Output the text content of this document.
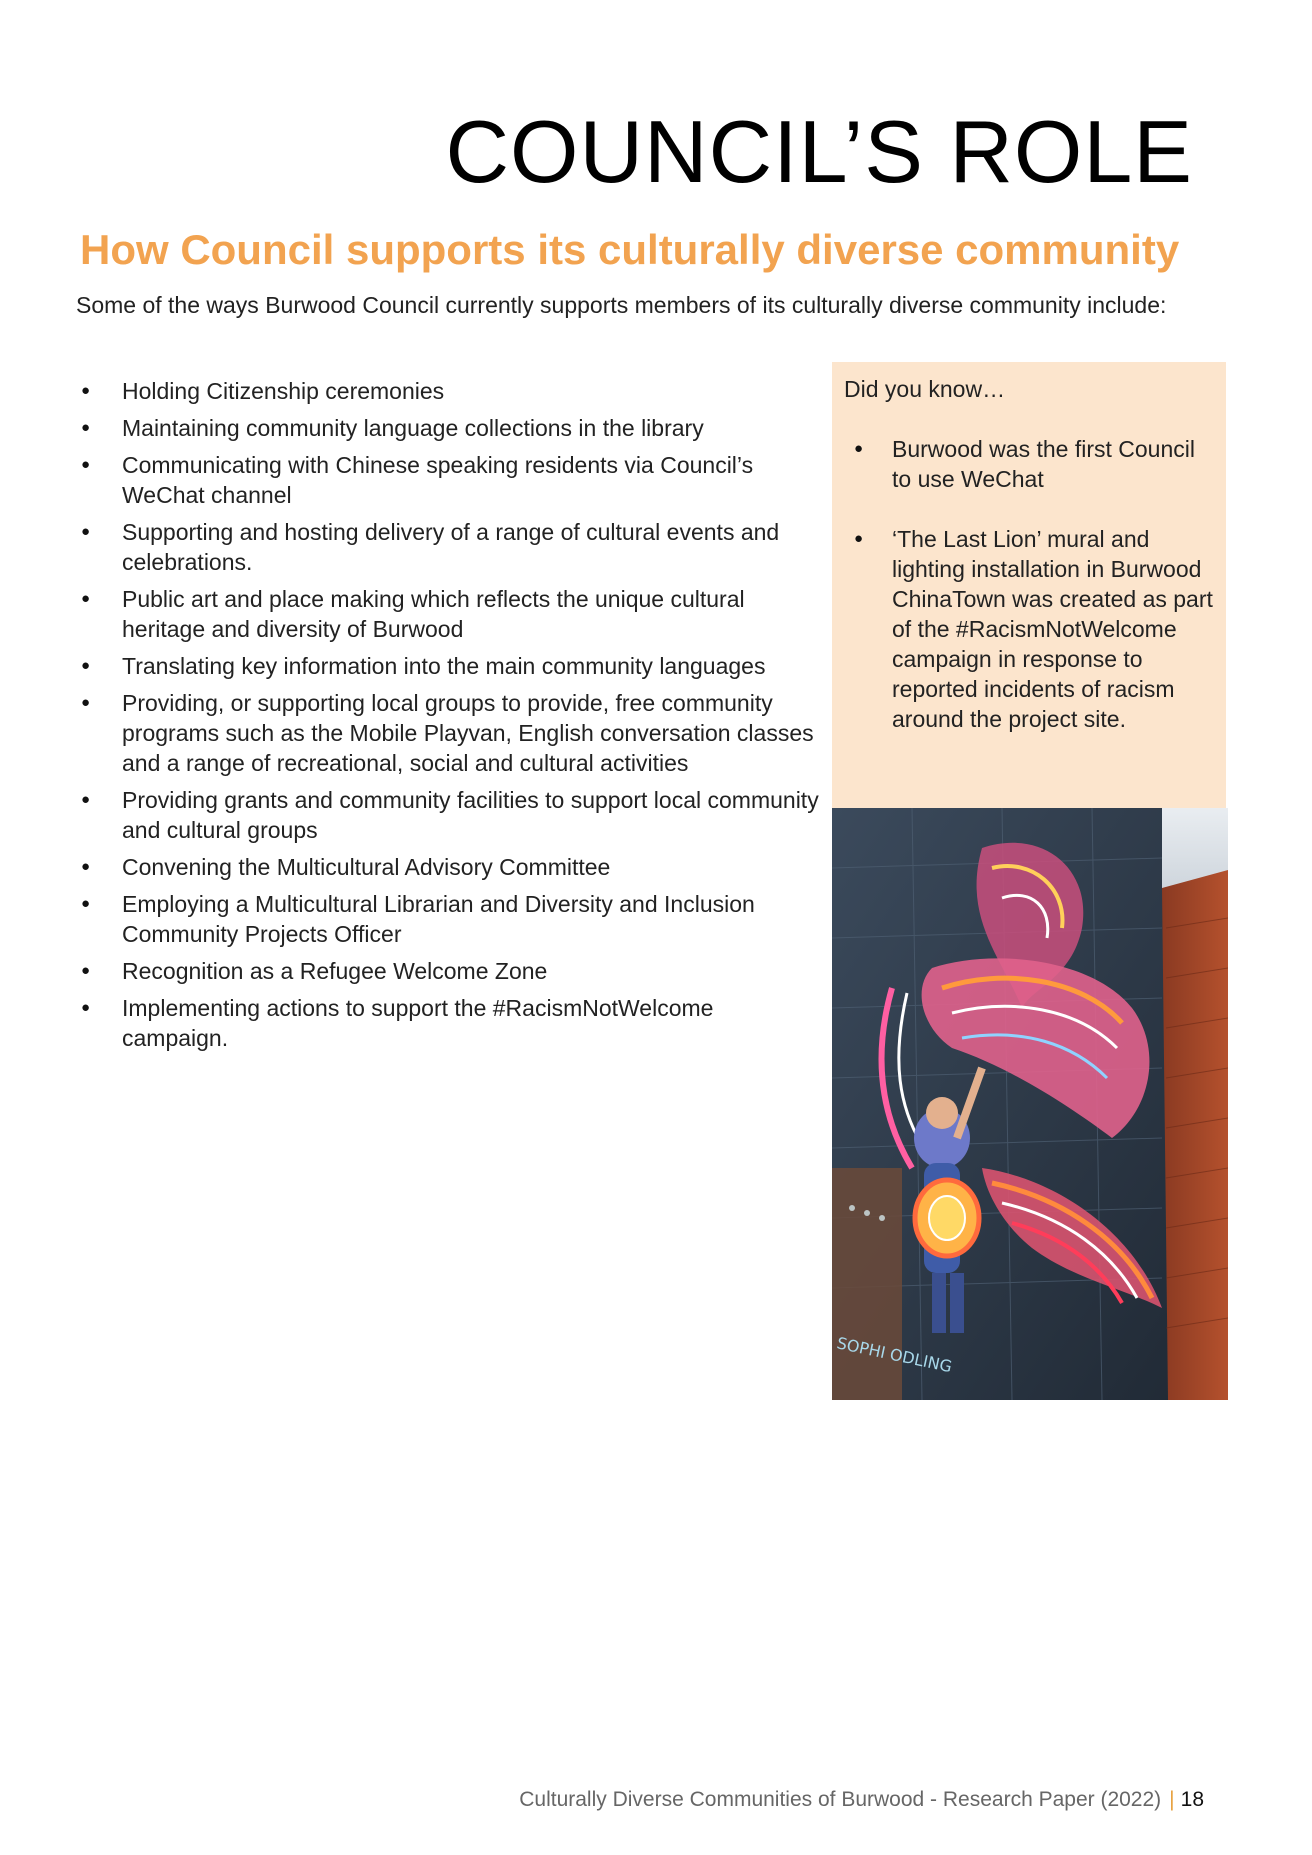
COUNCIL’S ROLE
How Council supports its culturally diverse community

Some of the ways Burwood Council currently supports members of its culturally diverse community include:

● Holding Citizenship ceremonies
● Maintaining community language collections in the library
● Communicating with Chinese speaking residents via Council’s WeChat channel
● Supporting and hosting delivery of a range of cultural events and celebrations.
● Public art and place making which reflects the unique cultural heritage and diversity of Burwood
● Translating key information into the main community languages
● Providing, or supporting local groups to provide, free community programs such as the Mobile Playvan, English conversation classes and a range of recreational, social and cultural activities
● Providing grants and community facilities to support local community and cultural groups
● Convening the Multicultural Advisory Committee
● Employing a Multicultural Librarian and Diversity and Inclusion Community Projects Officer
● Recognition as a Refugee Welcome Zone
● Implementing actions to support the #RacismNotWelcome campaign.

Did you know…

● Burwood was the first Council to use WeChat
● ‘The Last Lion’ mural and lighting installation in Burwood ChinaTown was created as part of the #RacismNotWelcome campaign in response to reported incidents of racism around the project site.
SOPHI ODLING
Culturally Diverse Communities of Burwood - Research Paper (2022) | 18
